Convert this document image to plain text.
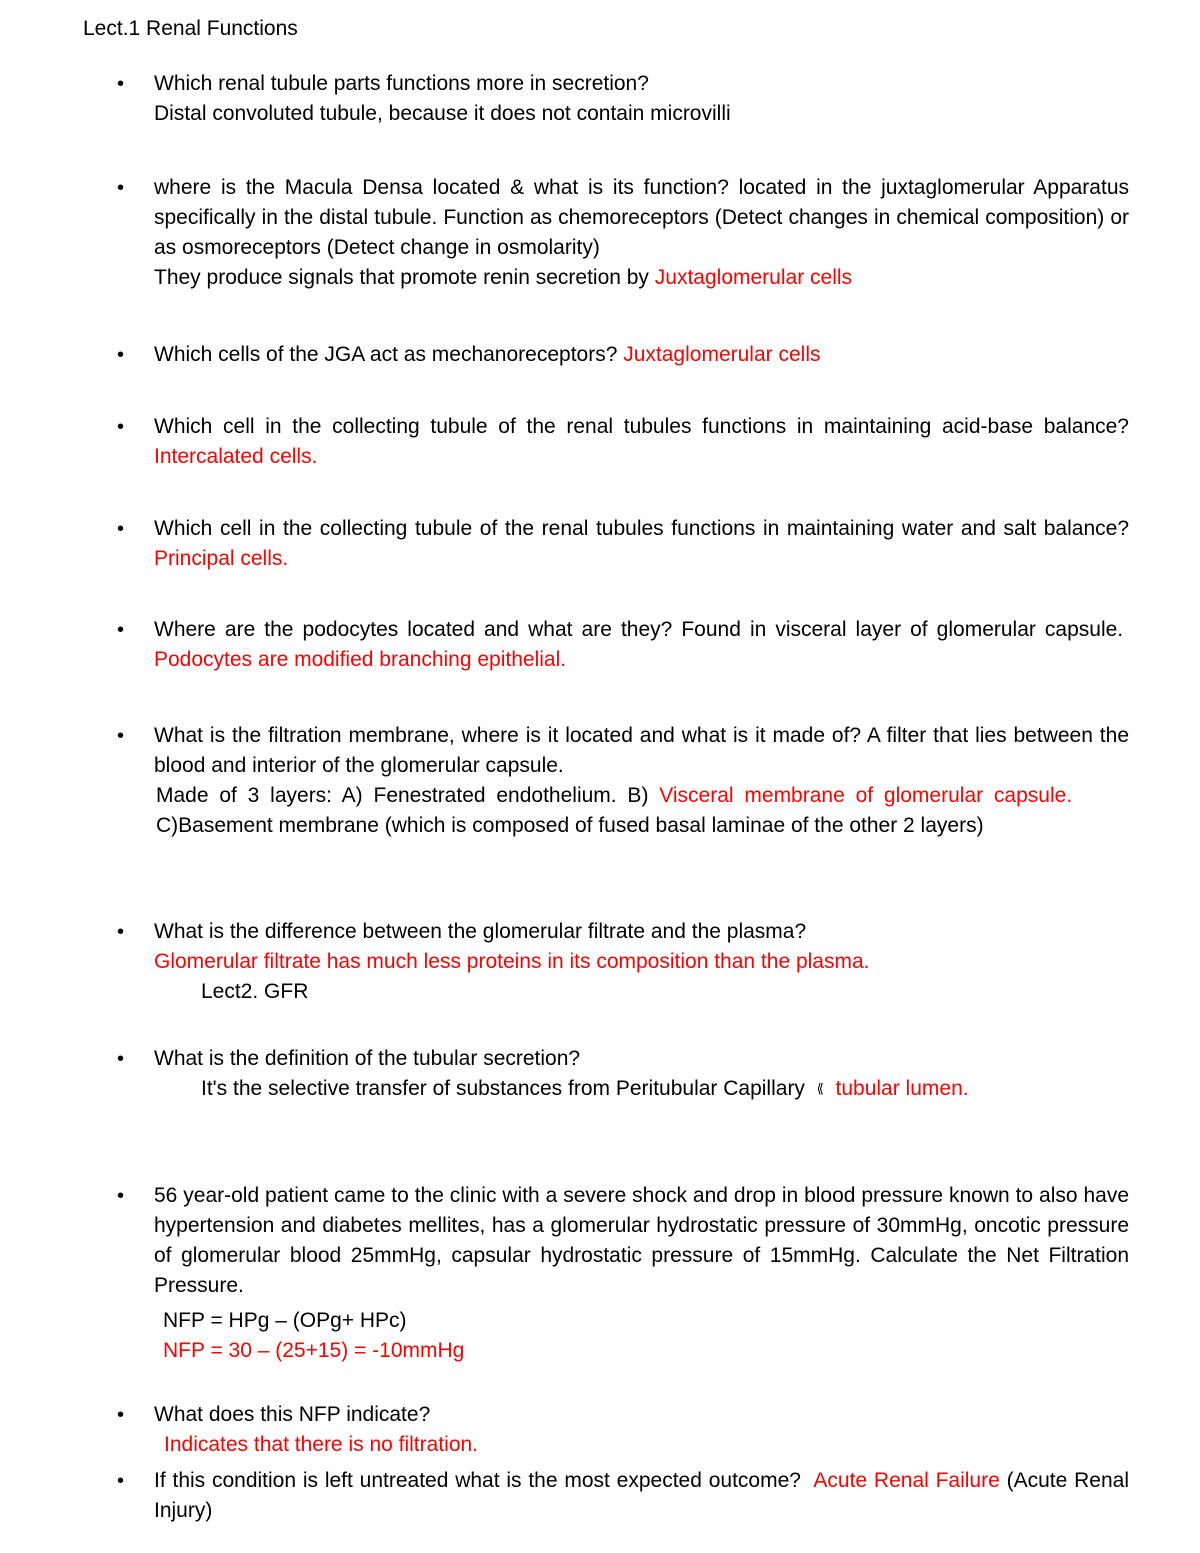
Lect.1 Renal Functions
• Which renal tubule parts functions more in secretion?
Distal convoluted tubule, because it does not contain microvilli
• where is the Macula Densa located & what is its function? located in the juxtaglomerular Apparatus specifically in the distal tubule. Function as chemoreceptors (Detect changes in chemical composition) or as osmoreceptors (Detect change in osmolarity)
They produce signals that promote renin secretion by Juxtaglomerular cells
• Which cells of the JGA act as mechanoreceptors? Juxtaglomerular cells
• Which cell in the collecting tubule of the renal tubules functions in maintaining acid-base balance? Intercalated cells.
• Which cell in the collecting tubule of the renal tubules functions in maintaining water and salt balance? Principal cells.
• Where are the podocytes located and what are they? Found in visceral layer of glomerular capsule.  Podocytes are modified branching epithelial.
• What is the filtration membrane, where is it located and what is it made of? A filter that lies between the blood and interior of the glomerular capsule.
Made of 3 layers: A) Fenestrated endothelium. B) Visceral membrane of glomerular capsule.  C)Basement membrane (which is composed of fused basal laminae of the other 2 layers)
• What is the difference between the glomerular filtrate and the plasma?
Glomerular filtrate has much less proteins in its composition than the plasma.
Lect2. GFR
• What is the definition of the tubular secretion?
It's the selective transfer of substances from Peritubular Capillary ⟪ tubular lumen.
• 56 year-old patient came to the clinic with a severe shock and drop in blood pressure known to also have hypertension and diabetes mellites, has a glomerular hydrostatic pressure of 30mmHg, oncotic pressure of glomerular blood 25mmHg, capsular hydrostatic pressure of 15mmHg. Calculate the Net Filtration Pressure.
NFP = HPg – (OPg+ HPc)
NFP = 30 – (25+15) = -10mmHg
• What does this NFP indicate?
Indicates that there is no filtration.
• If this condition is left untreated what is the most expected outcome? Acute Renal Failure (Acute Renal Injury)
